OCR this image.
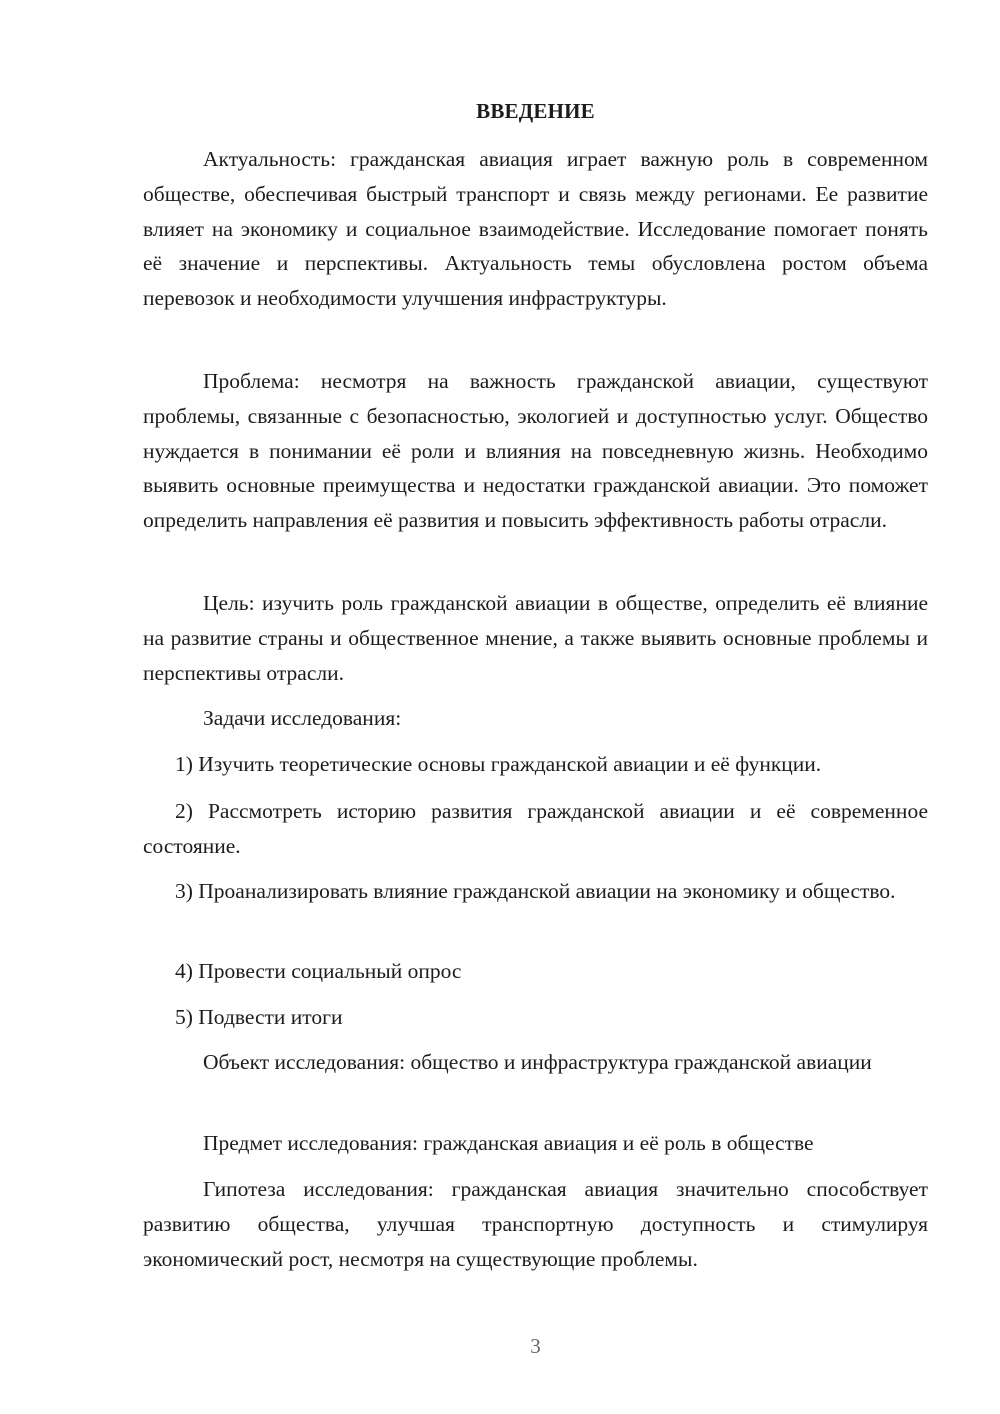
ВВЕДЕНИЕ

Актуальность: гражданская авиация играет важную роль в современном обществе, обеспечивая быстрый транспорт и связь между регионами. Ее развитие влияет на экономику и социальное взаимодействие. Исследование помогает понять её значение и перспективы. Актуальность темы обусловлена ростом объема перевозок и необходимости улучшения инфраструктуры.

Проблема: несмотря на важность гражданской авиации, существуют проблемы, связанные с безопасностью, экологией и доступностью услуг. Общество нуждается в понимании её роли и влияния на повседневную жизнь. Необходимо выявить основные преимущества и недостатки гражданской авиации. Это поможет определить направления её развития и повысить эффективность работы отрасли.

Цель: изучить роль гражданской авиации в обществе, определить её влияние на развитие страны и общественное мнение, а также выявить основные проблемы и перспективы отрасли.

Задачи исследования:

1) Изучить теоретические основы гражданской авиации и её функции.

2) Рассмотреть историю развития гражданской авиации и её современное состояние.

3) Проанализировать влияние гражданской авиации на экономику и общество.

4) Провести социальный опрос

5) Подвести итоги

Объект исследования: общество и инфраструктура гражданской авиации

Предмет исследования: гражданская авиация и её роль в обществе

Гипотеза исследования: гражданская авиация значительно способствует развитию общества, улучшая транспортную доступность и стимулируя экономический рост, несмотря на существующие проблемы.

3
